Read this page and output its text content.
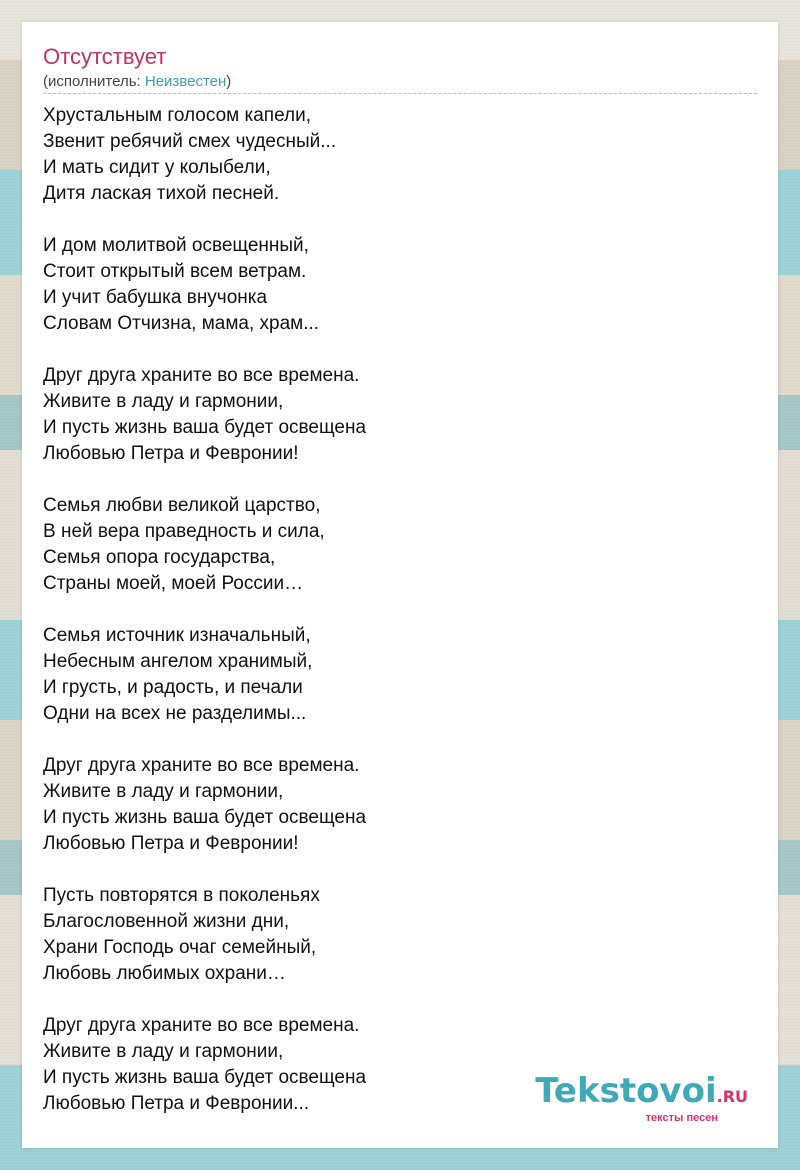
Отсутствует
(исполнитель: Неизвестен)
Хрустальным голосом капели,
Звенит ребячий смех чудесный...
И мать сидит у колыбели,
Дитя лаская тихой песней.
И дом молитвой освещенный,
Стоит открытый всем ветрам.
И учит бабушка внучонка
Словам Отчизна, мама, храм...
Друг друга храните во все времена.
Живите в ладу и гармонии,
И пусть жизнь ваша будет освещена
Любовью Петра и Февронии!
Семья любви великой царство,
В ней вера праведность и сила,
Семья опора государства,
Страны моей, моей России…
Семья источник изначальный,
Небесным ангелом хранимый,
И грусть, и радость, и печали
Одни на всех не разделимы...
Друг друга храните во все времена.
Живите в ладу и гармонии,
И пусть жизнь ваша будет освещена
Любовью Петра и Февронии!
Пусть повторятся в поколеньях
Благословенной жизни дни,
Храни Господь очаг семейный,
Любовь любимых охрани…
Друг друга храните во все времена.
Живите в ладу и гармонии,
И пусть жизнь ваша будет освещена
Любовью Петра и Февронии...	Tekstovoi.RU
тексты песен
